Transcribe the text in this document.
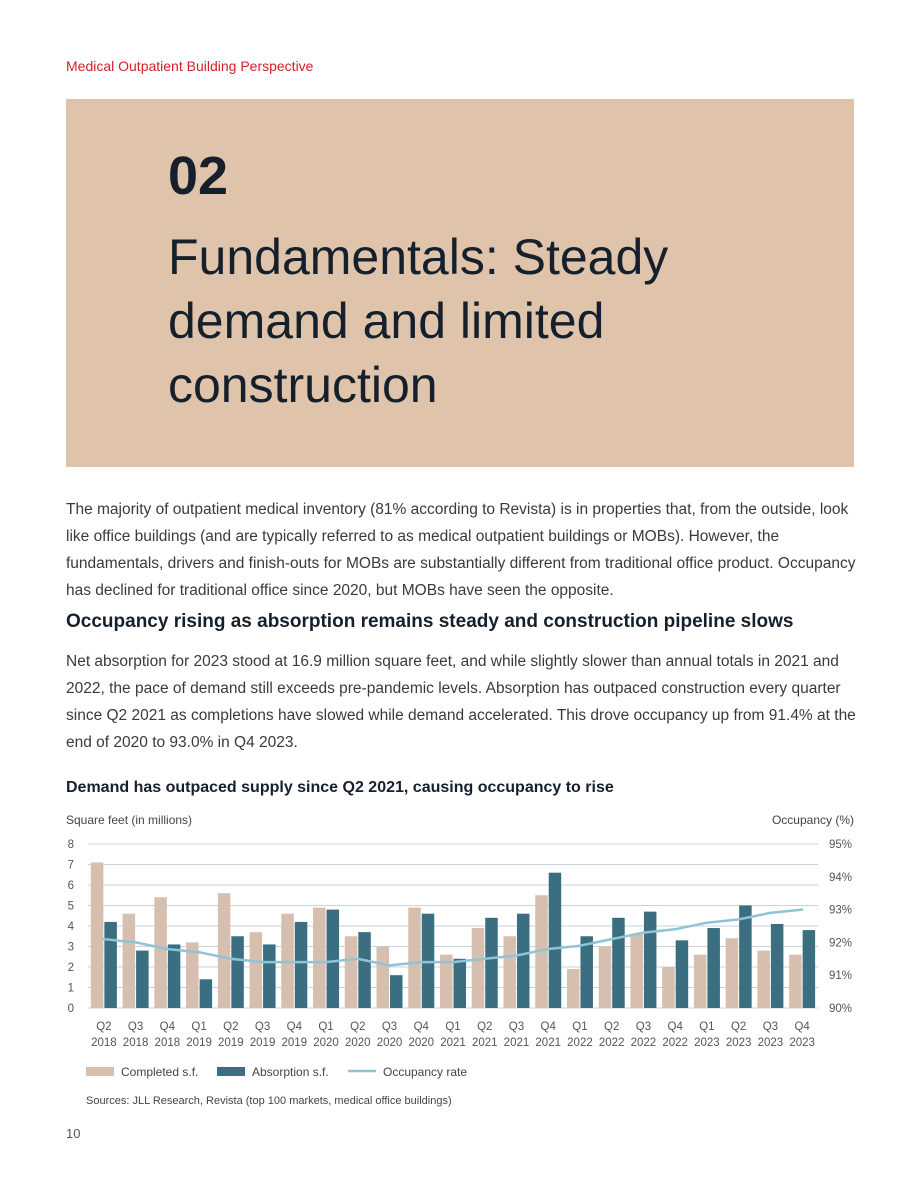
Medical Outpatient Building Perspective
02
Fundamentals: Steady demand and limited construction
The majority of outpatient medical inventory (81% according to Revista) is in properties that, from the outside, look like office buildings (and are typically referred to as medical outpatient buildings or MOBs). However, the fundamentals, drivers and finish-outs for MOBs are substantially different from traditional office product. Occupancy has declined for traditional office since 2020, but MOBs have seen the opposite.
Occupancy rising as absorption remains steady and construction pipeline slows
Net absorption for 2023 stood at 16.9 million square feet, and while slightly slower than annual totals in 2021 and 2022, the pace of demand still exceeds pre-pandemic levels. Absorption has outpaced construction every quarter since Q2 2021 as completions have slowed while demand accelerated. This drove occupancy up from 91.4% at the end of 2020 to 93.0% in Q4 2023.
Demand has outpaced supply since Q2 2021, causing occupancy to rise
Square feet (in millions)	Occupancy (%)
0
1
2
3
4
5
6
7
8
90%
91%
92%
93%
94%
95%
Q2
2018
Q3
2018
Q4
2018
Q1
2019
Q2
2019
Q3
2019
Q4
2019
Q1
2020
Q2
2020
Q3
2020
Q4
2020
Q1
2021
Q2
2021
Q3
2021
Q4
2021
Q1
2022
Q2
2022
Q3
2022
Q4
2022
Q1
2023
Q2
2023
Q3
2023
Q4
2023
Completed s.f.	Absorption s.f.	Occupancy rate
Sources: JLL Research, Revista (top 100 markets, medical office buildings)
10
